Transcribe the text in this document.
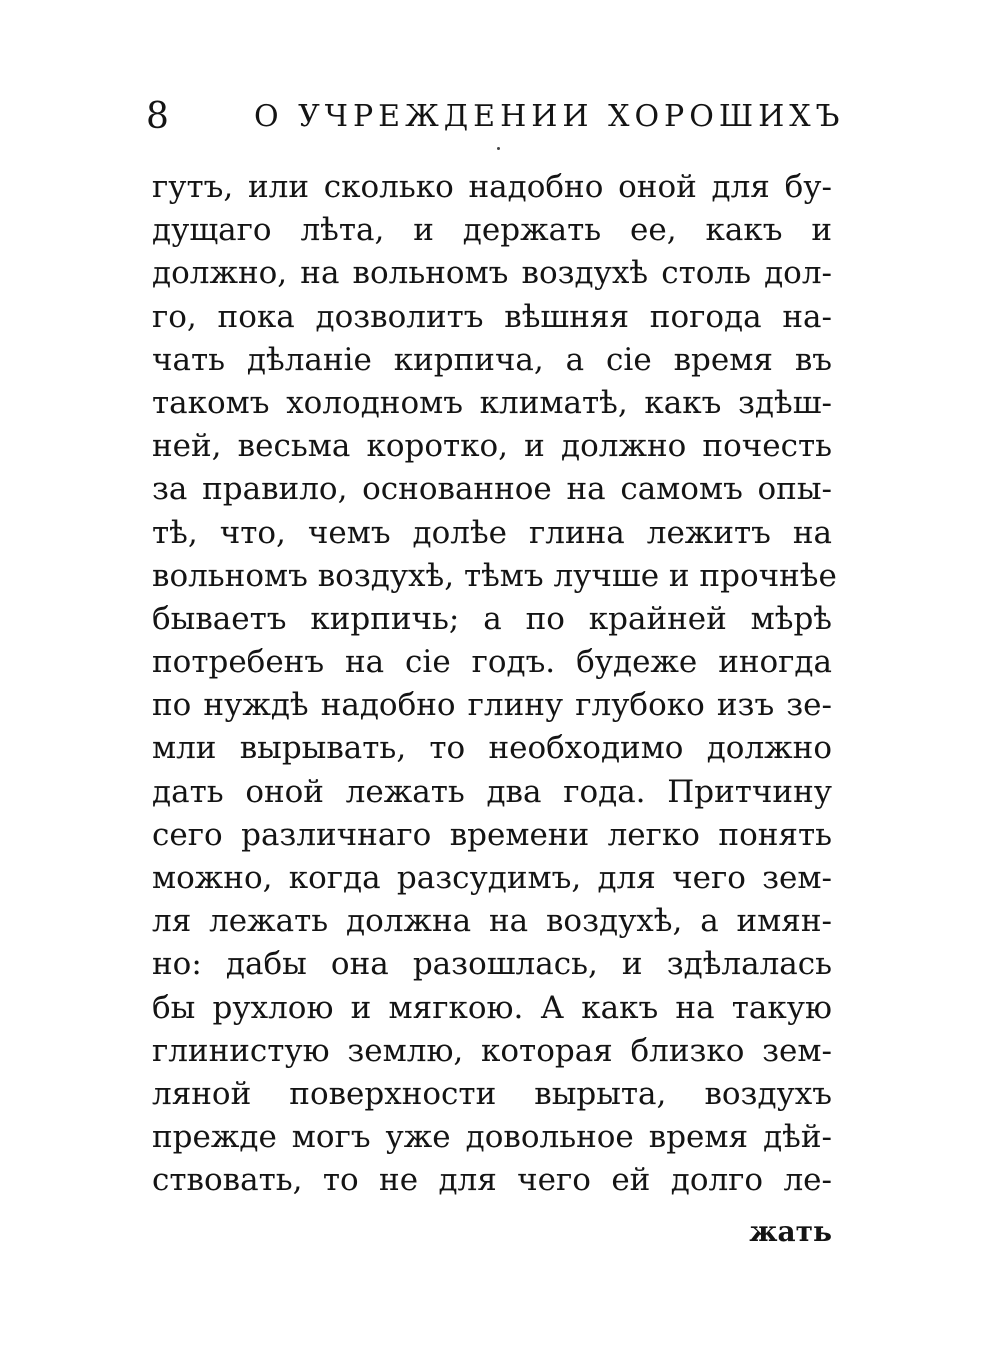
8	О УЧРЕЖДЕНИИ ХОРОШИХЪ
гутъ, или сколько надобно оной для бу-
дущаго лѣта, и держать ее, какъ и
должно, на вольномъ воздухѣ столь дол-
го, пока дозволитъ вѣшняя погода на-
чать дѣланіе кирпича, а сіе время въ
такомъ холодномъ климатѣ, какъ здѣш-
ней, весьма коротко, и должно почесть
за правило, основанное на самомъ опы-
тѣ, что, чемъ долѣе глина лежитъ на
вольномъ воздухѣ, тѣмъ лучше и прочнѣе
бываетъ кирпичь; а по крайней мѣрѣ
потребенъ на сіе годъ. будеже иногда
по нуждѣ надобно глину глубоко изъ зе-
мли вырывать, то необходимо должно
дать оной лежать два года. Притчину
сего различнаго времени легко понять
можно, когда разсудимъ, для чего зем-
ля лежать должна на воздухѣ, а имян-
но: дабы она разошлась, и здѣлалась
бы рухлою и мягкою. А какъ на такую
глинистую землю, которая близко зем-
ляной поверхности вырыта, воздухъ
прежде могъ уже довольное время дѣй-
ствовать, то не для чего ей долго ле-
жать
